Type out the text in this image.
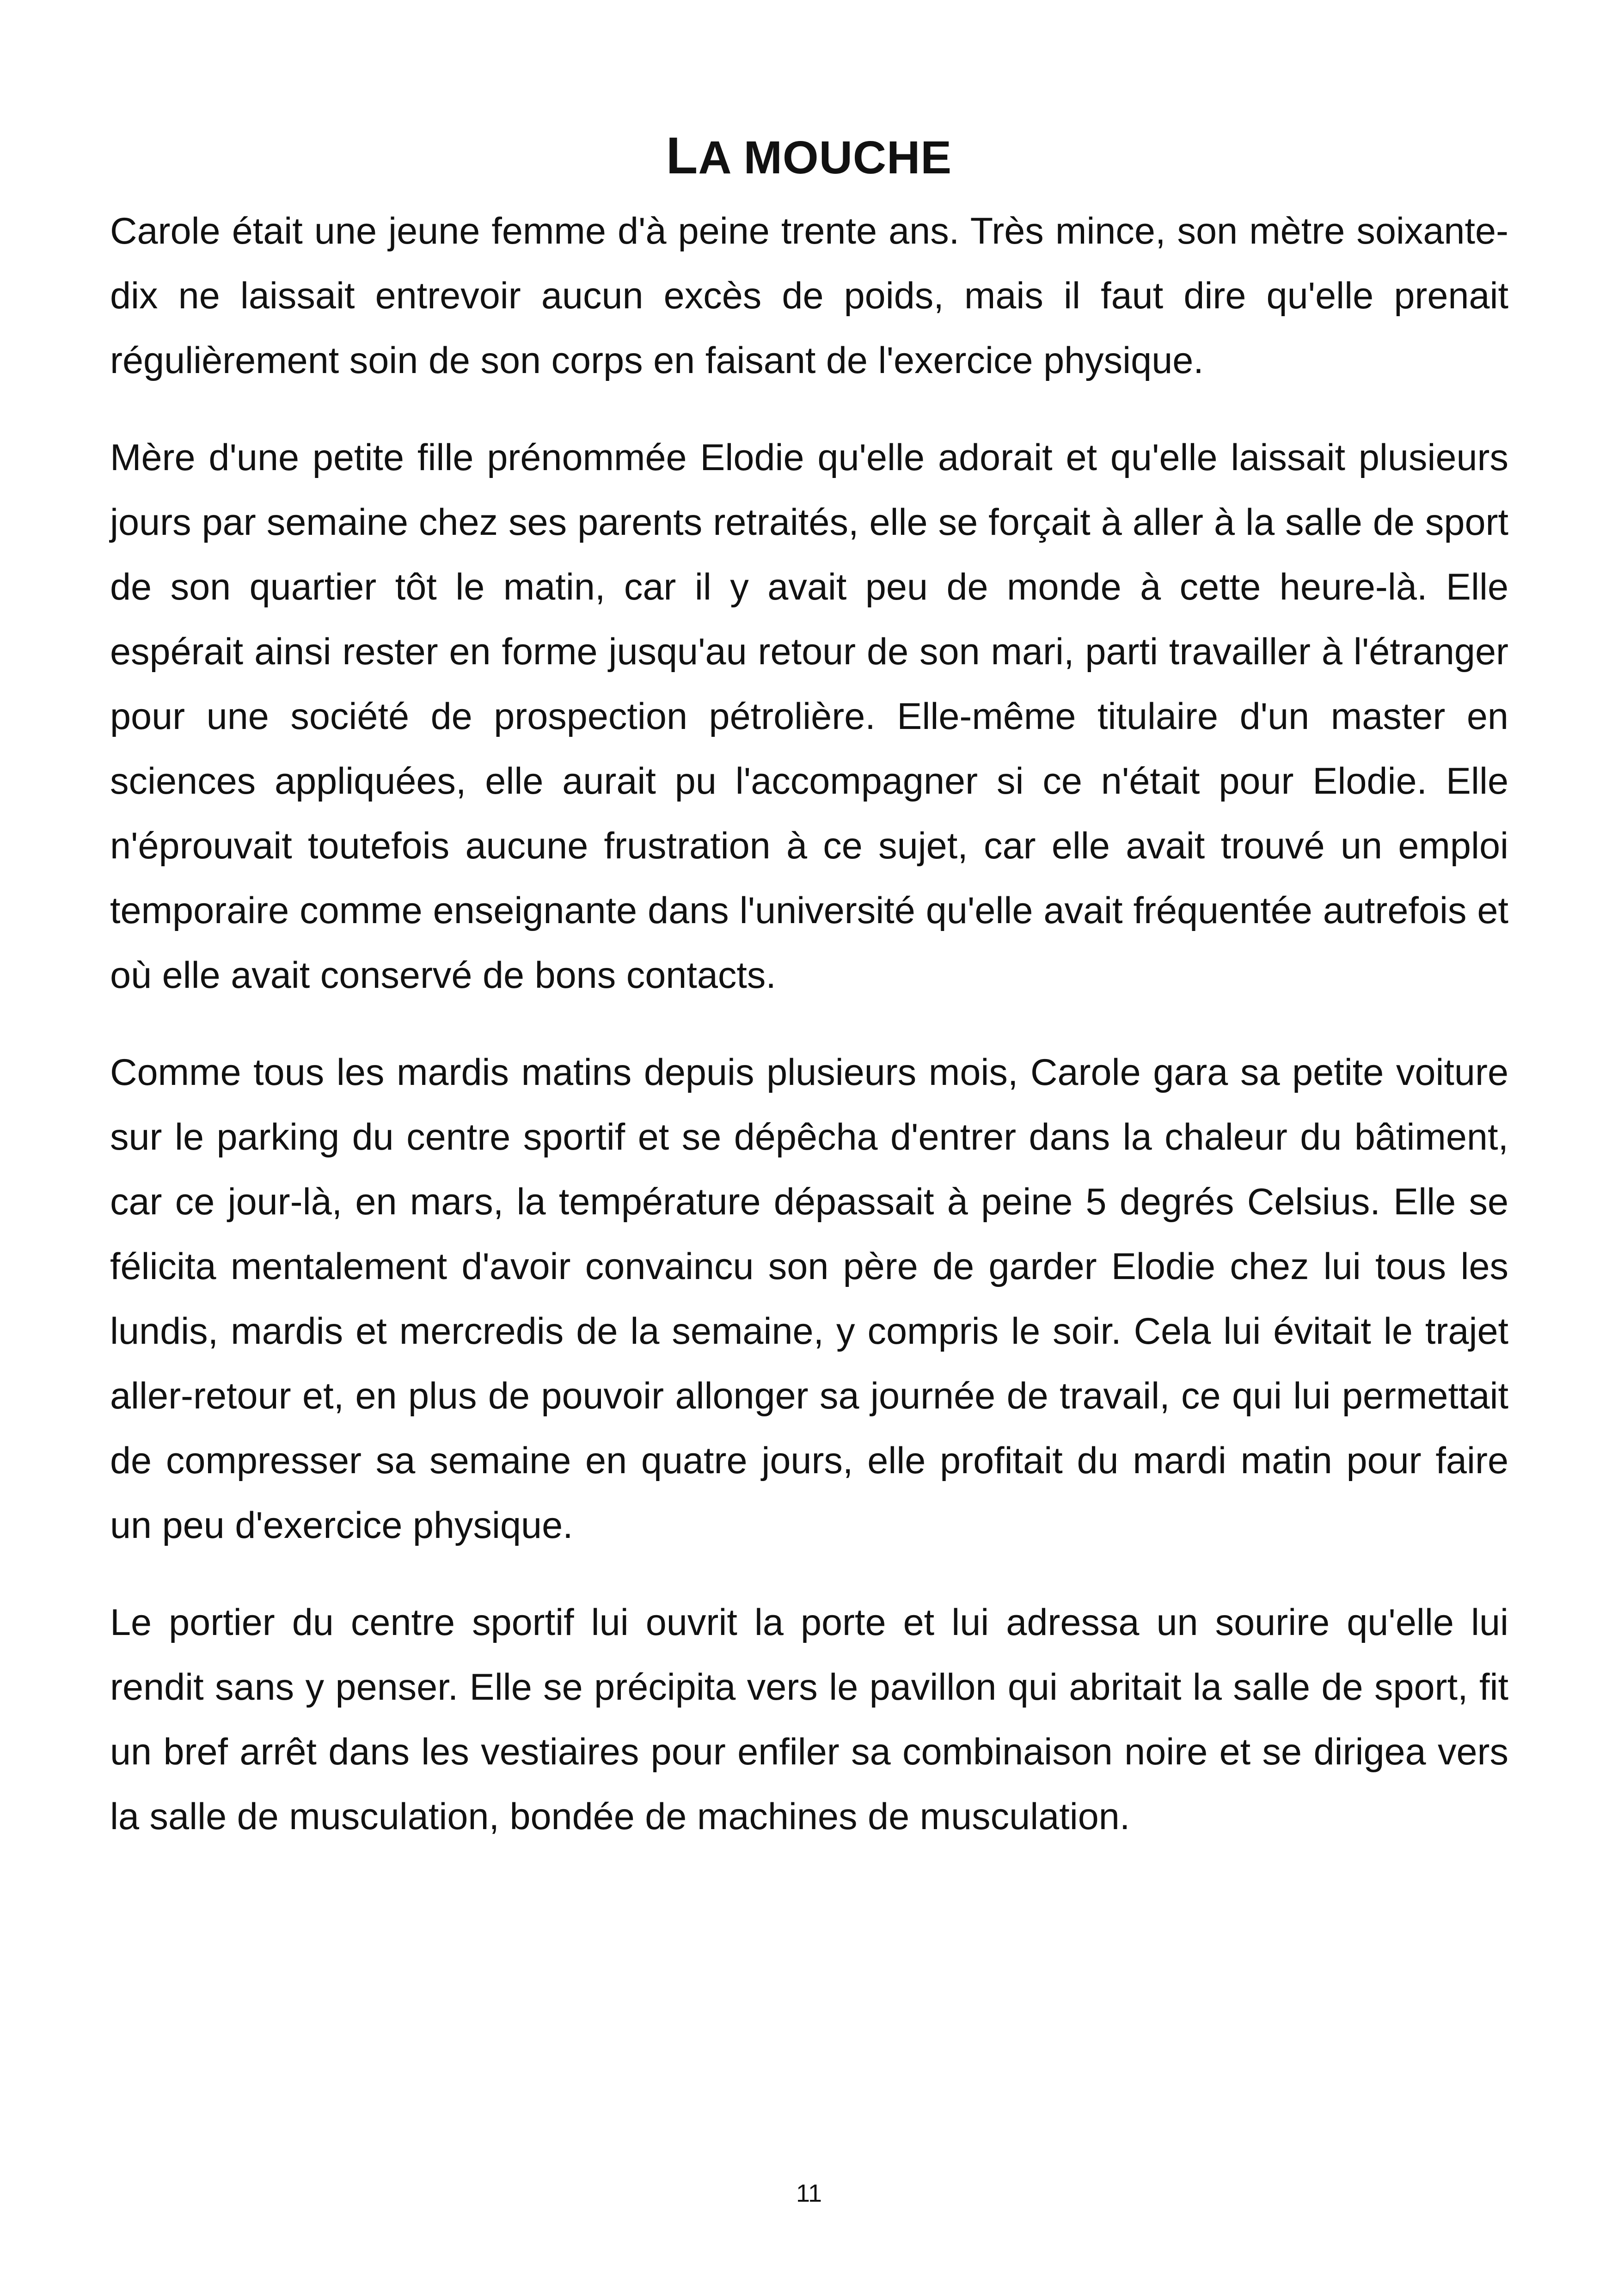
LA MOUCHE

Carole était une jeune femme d'à peine trente ans. Très mince, son mètre soixante-dix ne laissait entrevoir aucun excès de poids, mais il faut dire qu'elle prenait régulièrement soin de son corps en faisant de l'exercice physique.

Mère d'une petite fille prénommée Elodie qu'elle adorait et qu'elle laissait plusieurs jours par semaine chez ses parents retraités, elle se forçait à aller à la salle de sport de son quartier tôt le matin, car il y avait peu de monde à cette heure-là. Elle espérait ainsi rester en forme jusqu'au retour de son mari, parti travailler à l'étranger pour une société de prospection pétrolière. Elle-même titulaire d'un master en sciences appliquées, elle aurait pu l'accompagner si ce n'était pour Elodie. Elle n'éprouvait toutefois aucune frustration à ce sujet, car elle avait trouvé un emploi temporaire comme enseignante dans l'université qu'elle avait fréquentée autrefois et où elle avait conservé de bons contacts.

Comme tous les mardis matins depuis plusieurs mois, Carole gara sa petite voiture sur le parking du centre sportif et se dépêcha d'entrer dans la chaleur du bâtiment, car ce jour-là, en mars, la température dépassait à peine 5 degrés Celsius. Elle se félicita mentalement d'avoir convaincu son père de garder Elodie chez lui tous les lundis, mardis et mercredis de la semaine, y compris le soir. Cela lui évitait le trajet aller-retour et, en plus de pouvoir allonger sa journée de travail, ce qui lui permettait de compresser sa semaine en quatre jours, elle profitait du mardi matin pour faire un peu d'exercice physique.

Le portier du centre sportif lui ouvrit la porte et lui adressa un sourire qu'elle lui rendit sans y penser. Elle se précipita vers le pavillon qui abritait la salle de sport, fit un bref arrêt dans les vestiaires pour enfiler sa combinaison noire et se dirigea vers la salle de musculation, bondée de machines de musculation.

11
